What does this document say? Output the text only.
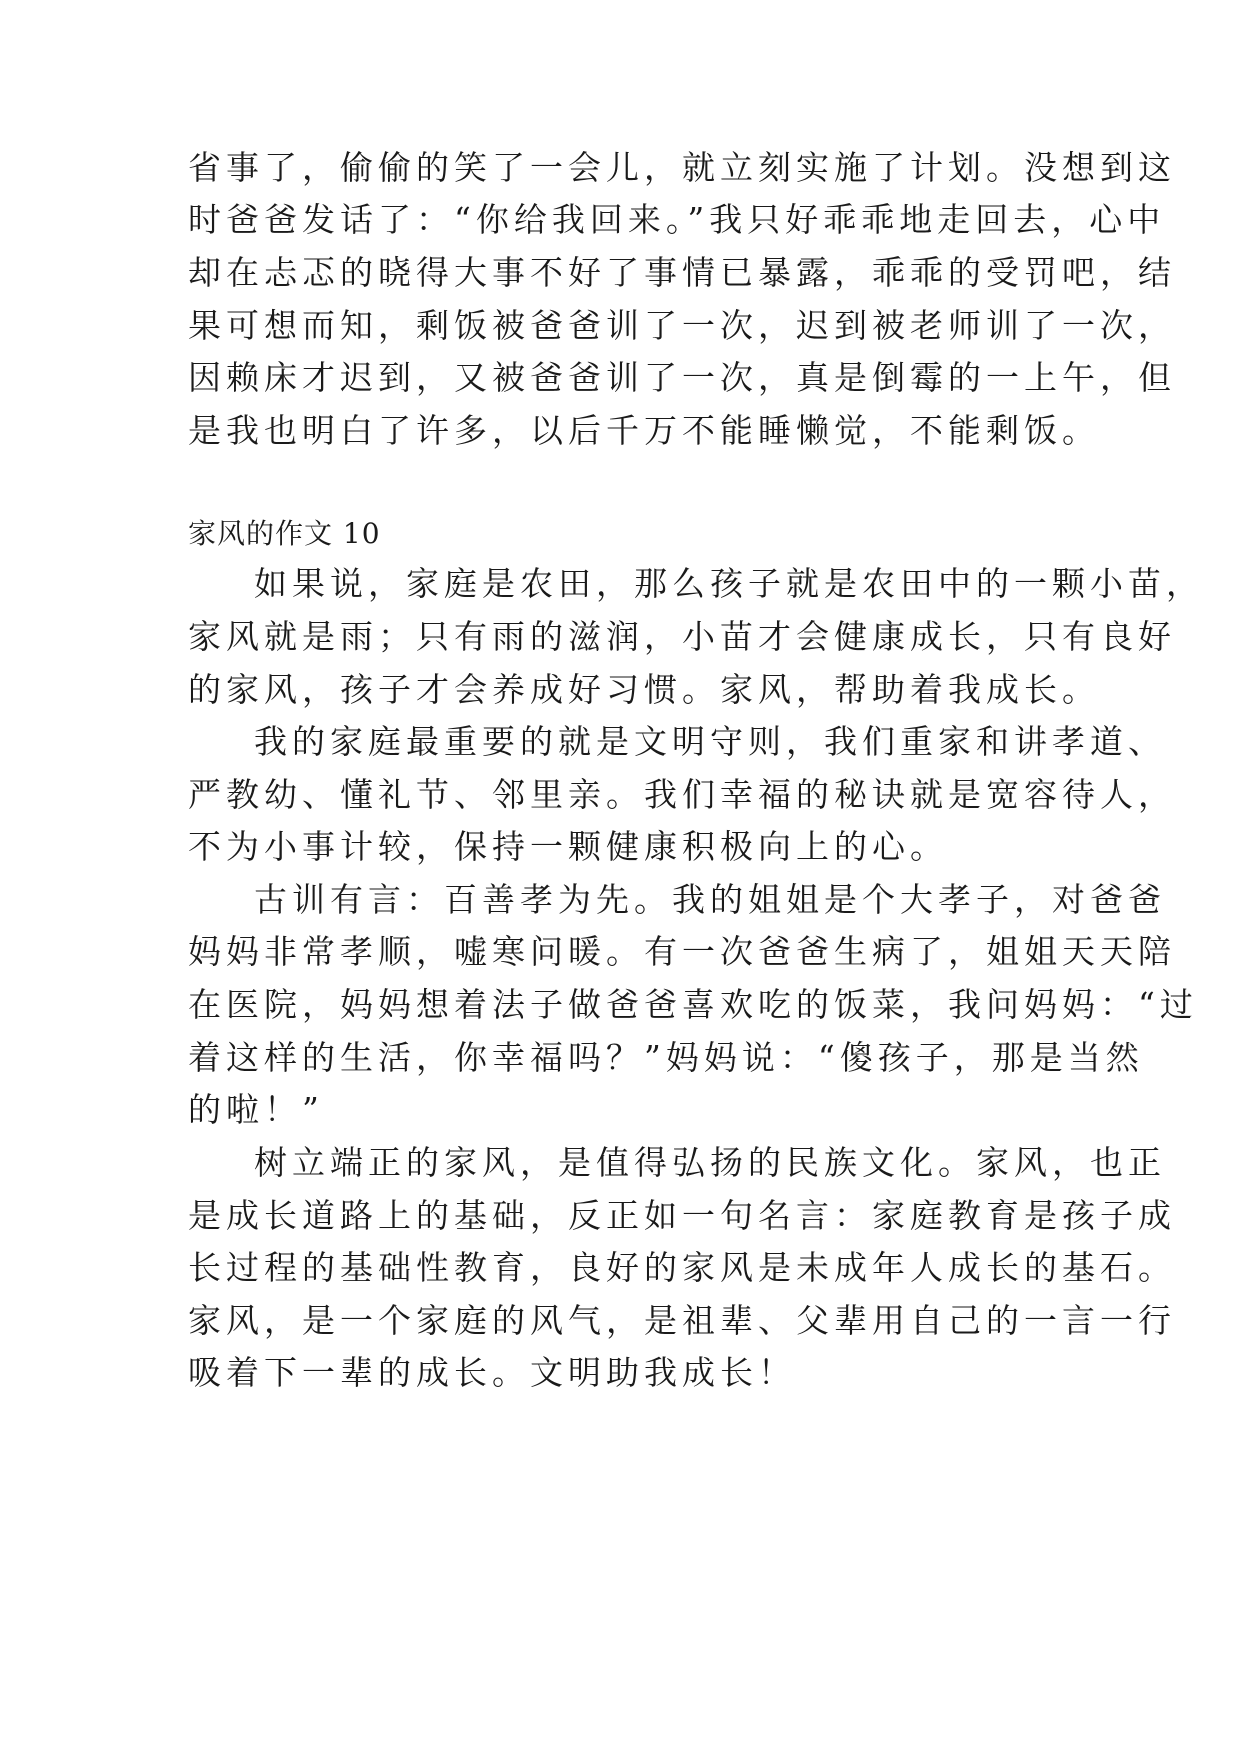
省事了，偷偷的笑了一会儿，就立刻实施了计划。没想到这
时爸爸发话了：“你给我回来。”我只好乖乖地走回去，心中
却在忐忑的晓得大事不好了事情已暴露，乖乖的受罚吧，结
果可想而知，剩饭被爸爸训了一次，迟到被老师训了一次，
因赖床才迟到，又被爸爸训了一次，真是倒霉的一上午，但
是我也明白了许多，以后千万不能睡懒觉，不能剩饭。
家风的作文 10
如果说，家庭是农田，那么孩子就是农田中的一颗小苗，
家风就是雨；只有雨的滋润，小苗才会健康成长，只有良好
的家风，孩子才会养成好习惯。家风，帮助着我成长。
我的家庭最重要的就是文明守则，我们重家和讲孝道、
严教幼、懂礼节、邻里亲。我们幸福的秘诀就是宽容待人，
不为小事计较，保持一颗健康积极向上的心。
古训有言：百善孝为先。我的姐姐是个大孝子，对爸爸
妈妈非常孝顺，嘘寒问暖。有一次爸爸生病了，姐姐天天陪
在医院，妈妈想着法子做爸爸喜欢吃的饭菜，我问妈妈：“过
着这样的生活，你幸福吗？”妈妈说：“傻孩子，那是当然
的啦！”
树立端正的家风，是值得弘扬的民族文化。家风，也正
是成长道路上的基础，反正如一句名言：家庭教育是孩子成
长过程的基础性教育，良好的家风是未成年人成长的基石。
家风，是一个家庭的风气，是祖辈、父辈用自己的一言一行
吸着下一辈的成长。文明助我成长！
